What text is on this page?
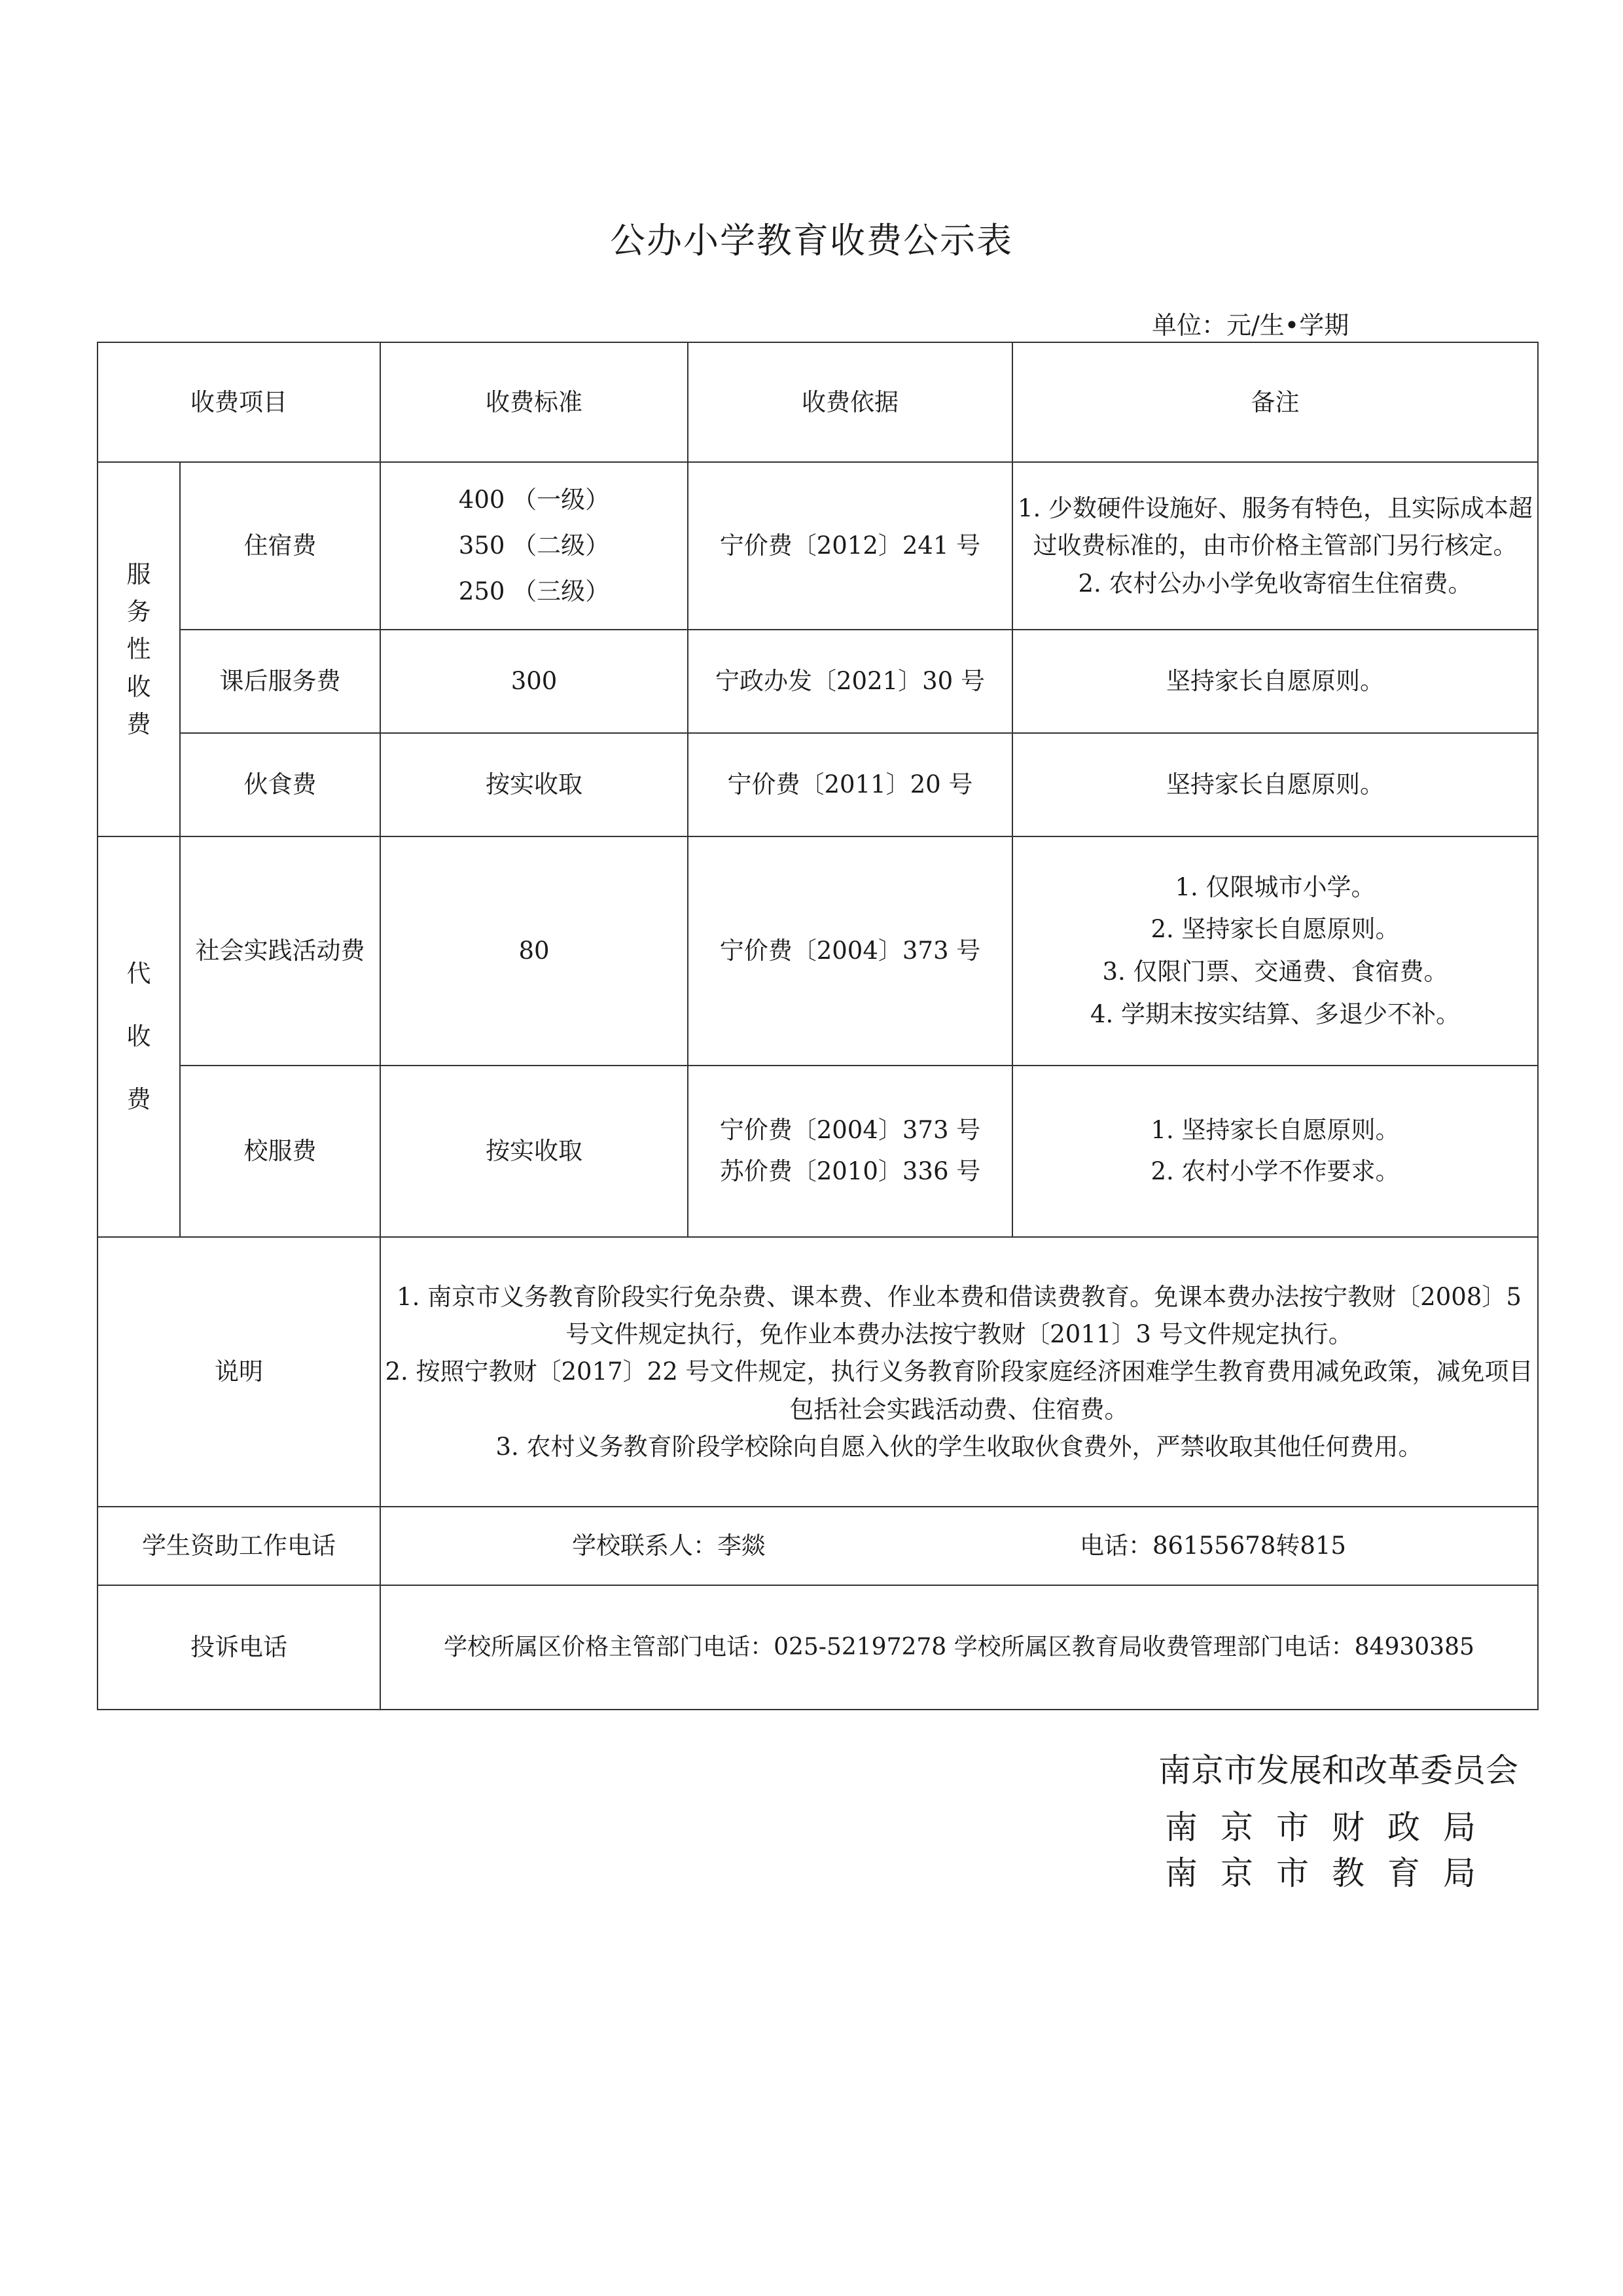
公办小学教育收费公示表
单位：元/生•学期
收费项目		收费标准	收费依据	备注

服
务
性
收
费	住宿费	400 （一级）
350 （二级）
250 （三级）	宁价费〔2012〕241 号	1. 少数硬件设施好、服务有特色，且实际成本超过收费标准的，由市价格主管部门另行核定。
2. 农村公办小学免收寄宿生住宿费。

	课后服务费	300	宁政办发〔2021〕30 号	坚持家长自愿原则。
	伙食费	按实收取	宁价费〔2011〕20 号	坚持家长自愿原则。

代
收
费	社会实践活动费	80	宁价费〔2004〕373 号	1. 仅限城市小学。
2. 坚持家长自愿原则。
3. 仅限门票、交通费、食宿费。
4. 学期末按实结算、多退少不补。

	校服费	按实收取	宁价费〔2004〕373 号
苏价费〔2010〕336 号	1. 坚持家长自愿原则。
2. 农村小学不作要求。

说明		1. 南京市义务教育阶段实行免杂费、课本费、作业本费和借读费教育。免课本费办法按宁教财〔2008〕5 号文件规定执行，免作业本费办法按宁教财〔2011〕3 号文件规定执行。
2. 按照宁教财〔2017〕22 号文件规定，执行义务教育阶段家庭经济困难学生教育费用减免政策，减免项目包括社会实践活动费、住宿费。
3. 农村义务教育阶段学校除向自愿入伙的学生收取伙食费外，严禁收取其他任何费用。		

学生资助工作电话		学校联系人：李燚 电话：86155678转815		
投诉电话		学校所属区价格主管部门电话：025-52197278 学校所属区教育局收费管理部门电话：84930385		
南京市发展和改革委员会
南京市财政局
南京市教育局
